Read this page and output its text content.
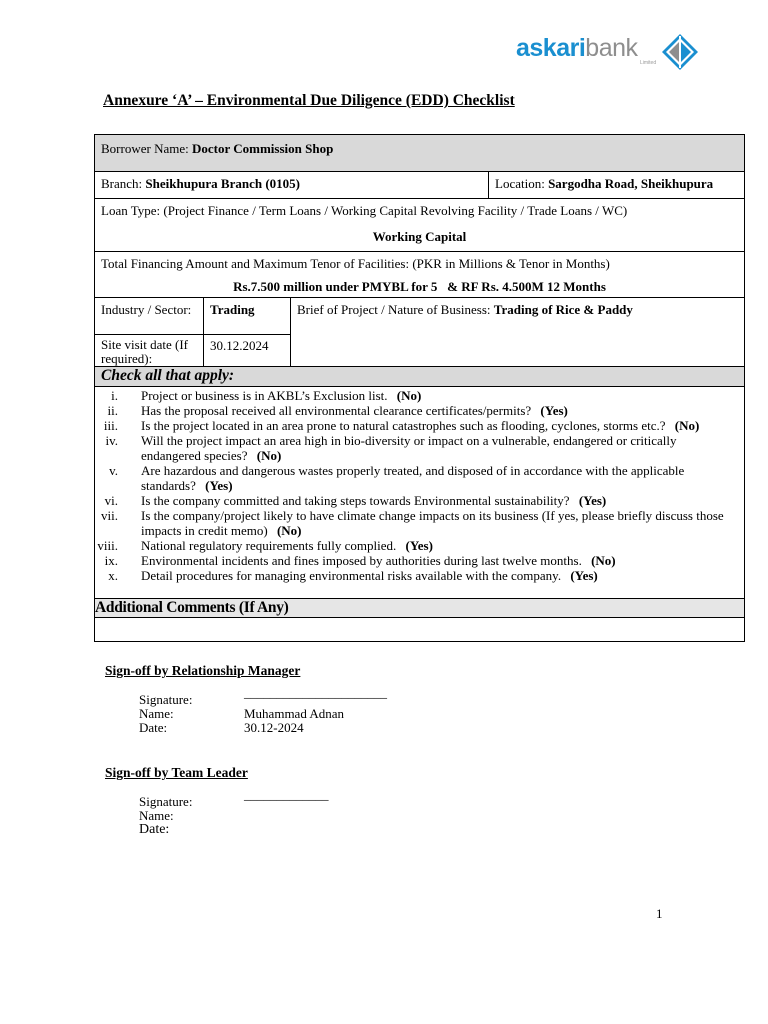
askaribank
Limited
Annexure ‘A’ – Environmental Due Diligence (EDD) Checklist
Borrower Name: Doctor Commission Shop
Branch: Sheikhupura Branch (0105)	Location: Sargodha Road, Sheikhupura
Loan Type: (Project Finance / Term Loans / Working Capital Revolving Facility / Trade Loans / WC)
Working Capital
Total Financing Amount and Maximum Tenor of Facilities: (PKR in Millions & Tenor in Months)
Rs.7.500 million under PMYBL for 5   & RF Rs. 4.500M 12 Months
Industry / Sector:	Trading
Site visit date (If required):
30.12.2024
Brief of Project / Nature of Business: Trading of Rice & Paddy
Check all that apply:
i. Project or business is in AKBL’s Exclusion list. (No)
ii. Has the proposal received all environmental clearance certificates/permits? (Yes)
iii. Is the project located in an area prone to natural catastrophes such as flooding, cyclones, storms etc.? (No)
iv. Will the project impact an area high in bio-diversity or impact on a vulnerable, endangered or critically endangered species? (No)
v. Are hazardous and dangerous wastes properly treated, and disposed of in accordance with the applicable standards? (Yes)
vi. Is the company committed and taking steps towards Environmental sustainability? (Yes)
vii. Is the company/project likely to have climate change impacts on its business (If yes, please briefly discuss those impacts in credit memo) (No)
viii. National regulatory requirements fully complied. (Yes)
ix. Environmental incidents and fines imposed by authorities during last twelve months. (No)
x. Detail procedures for managing environmental risks available with the company. (Yes)
Additional Comments (If Any)
Sign-off by Relationship Manager
Signature:	______________________
Name:	Muhammad Adnan
Date:	30.12-2024
Sign-off by Team Leader
Signature:	_____________
Name:
Date:
1
